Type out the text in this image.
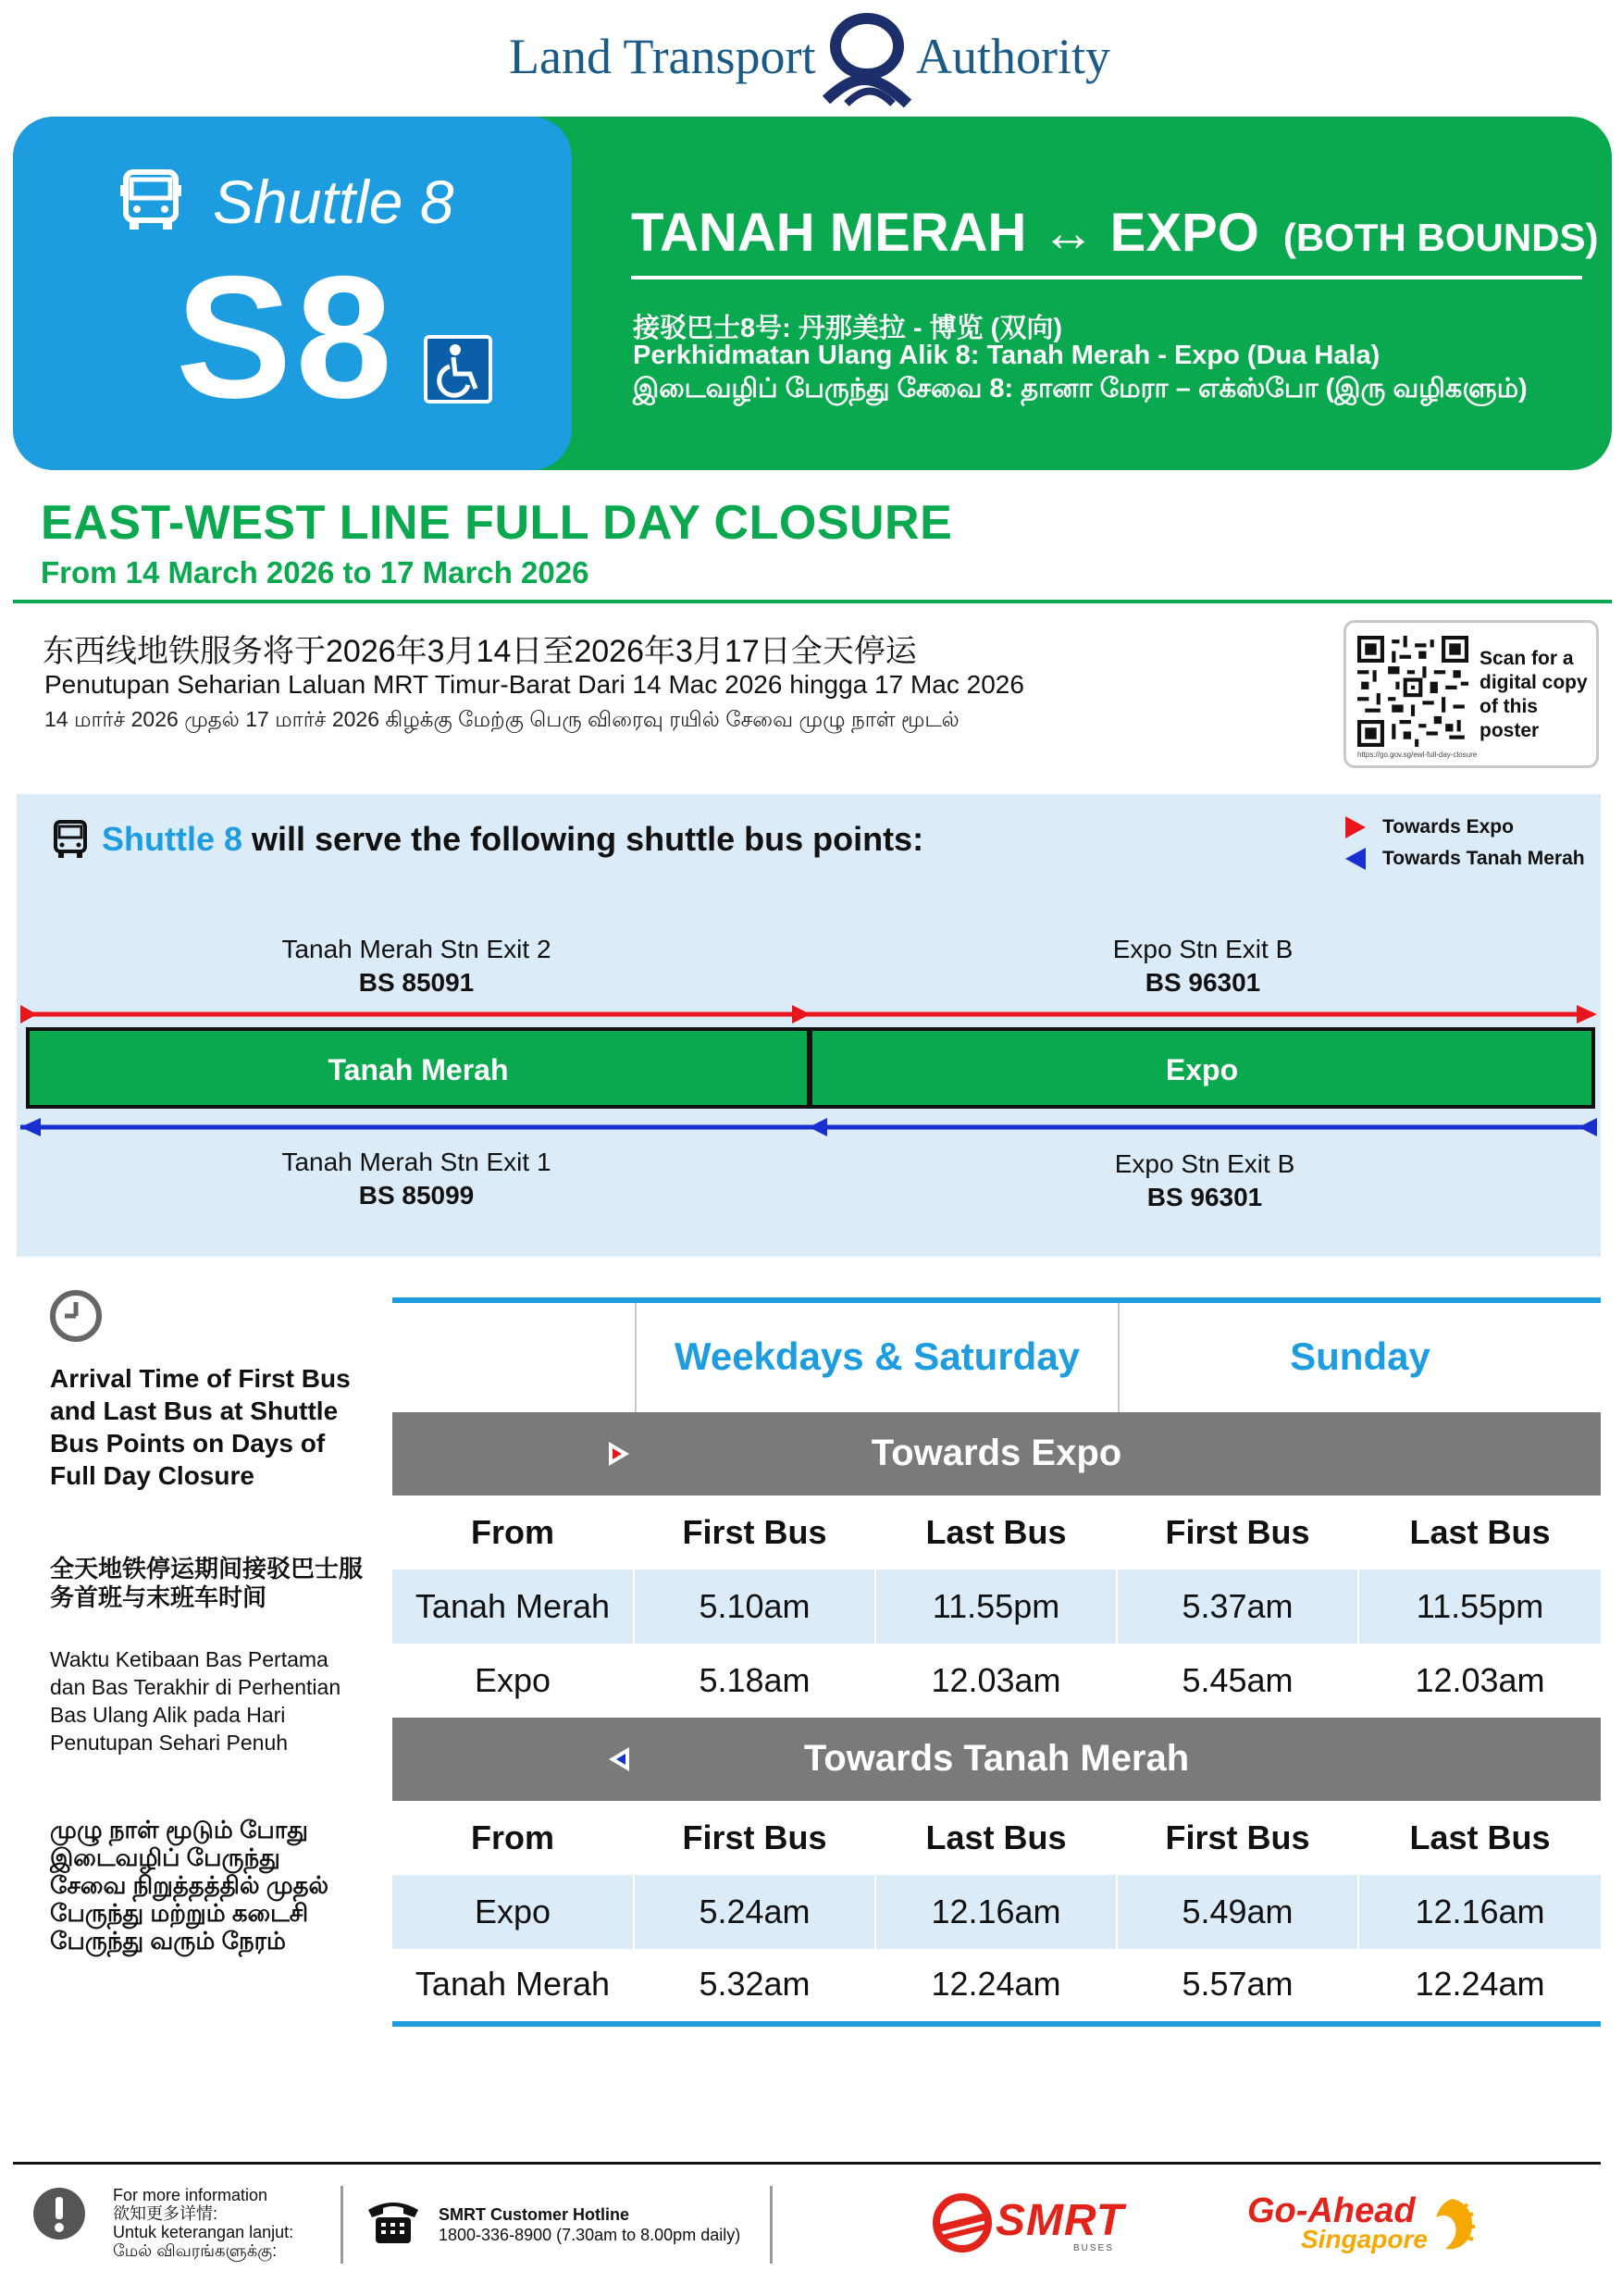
Land Transport Authority
Shuttle 8
S8
TANAH MERAH ↔ EXPO (BOTH BOUNDS)
接驳巴士8号: 丹那美拉 - 博览 (双向)
Perkhidmatan Ulang Alik 8: Tanah Merah - Expo (Dua Hala)
இடைவழிப் பேருந்து சேவை 8: தானா மேரா – எக்ஸ்போ (இரு வழிகளும்)
EAST-WEST LINE FULL DAY CLOSURE
From 14 March 2026 to 17 March 2026
东西线地铁服务将于2026年3月14日至2026年3月17日全天停运
Penutupan Seharian Laluan MRT Timur-Barat Dari 14 Mac 2026 hingga 17 Mac 2026
14 மார்ச் 2026 முதல் 17 மார்ச் 2026 கிழக்கு மேற்கு பெரு விரைவு ரயில் சேவை முழு நாள் மூடல்
Scan for a digital copy of this poster
https://go.gov.sg/ewl-full-day-closure
Shuttle 8 will serve the following shuttle bus points:	Towards Expo
Towards Tanah Merah
Tanah Merah Stn Exit 2
BS 85091
Expo Stn Exit B
BS 96301
Tanah Merah	Expo
Tanah Merah Stn Exit 1
BS 85099
Expo Stn Exit B
BS 96301
Arrival Time of First Bus and Last Bus at Shuttle Bus Points on Days of Full Day Closure
全天地铁停运期间接驳巴士服务首班与末班车时间
Waktu Ketibaan Bas Pertama dan Bas Terakhir di Perhentian Bas Ulang Alik pada Hari Penutupan Sehari Penuh
முழு நாள் மூடும் போது இடைவழிப் பேருந்து சேவை நிறுத்தத்தில் முதல் பேருந்து மற்றும் கடைசி பேருந்து வரும் நேரம்
Weekdays & Saturday	Sunday
Towards Expo
From	First Bus	Last Bus	First Bus	Last Bus
Tanah Merah	5.10am	11.55pm	5.37am	11.55pm
Expo	5.18am	12.03am	5.45am	12.03am
Towards Tanah Merah
From	First Bus	Last Bus	First Bus	Last Bus
Expo	5.24am	12.16am	5.49am	12.16am
Tanah Merah	5.32am	12.24am	5.57am	12.24am
For more information
欲知更多详情:
Untuk keterangan lanjut:
மேல் விவரங்களுக்கு:
SMRT Customer Hotline
1800-336-8900 (7.30am to 8.00pm daily)	SMRT
BUSES
Go-Ahead
Singapore
